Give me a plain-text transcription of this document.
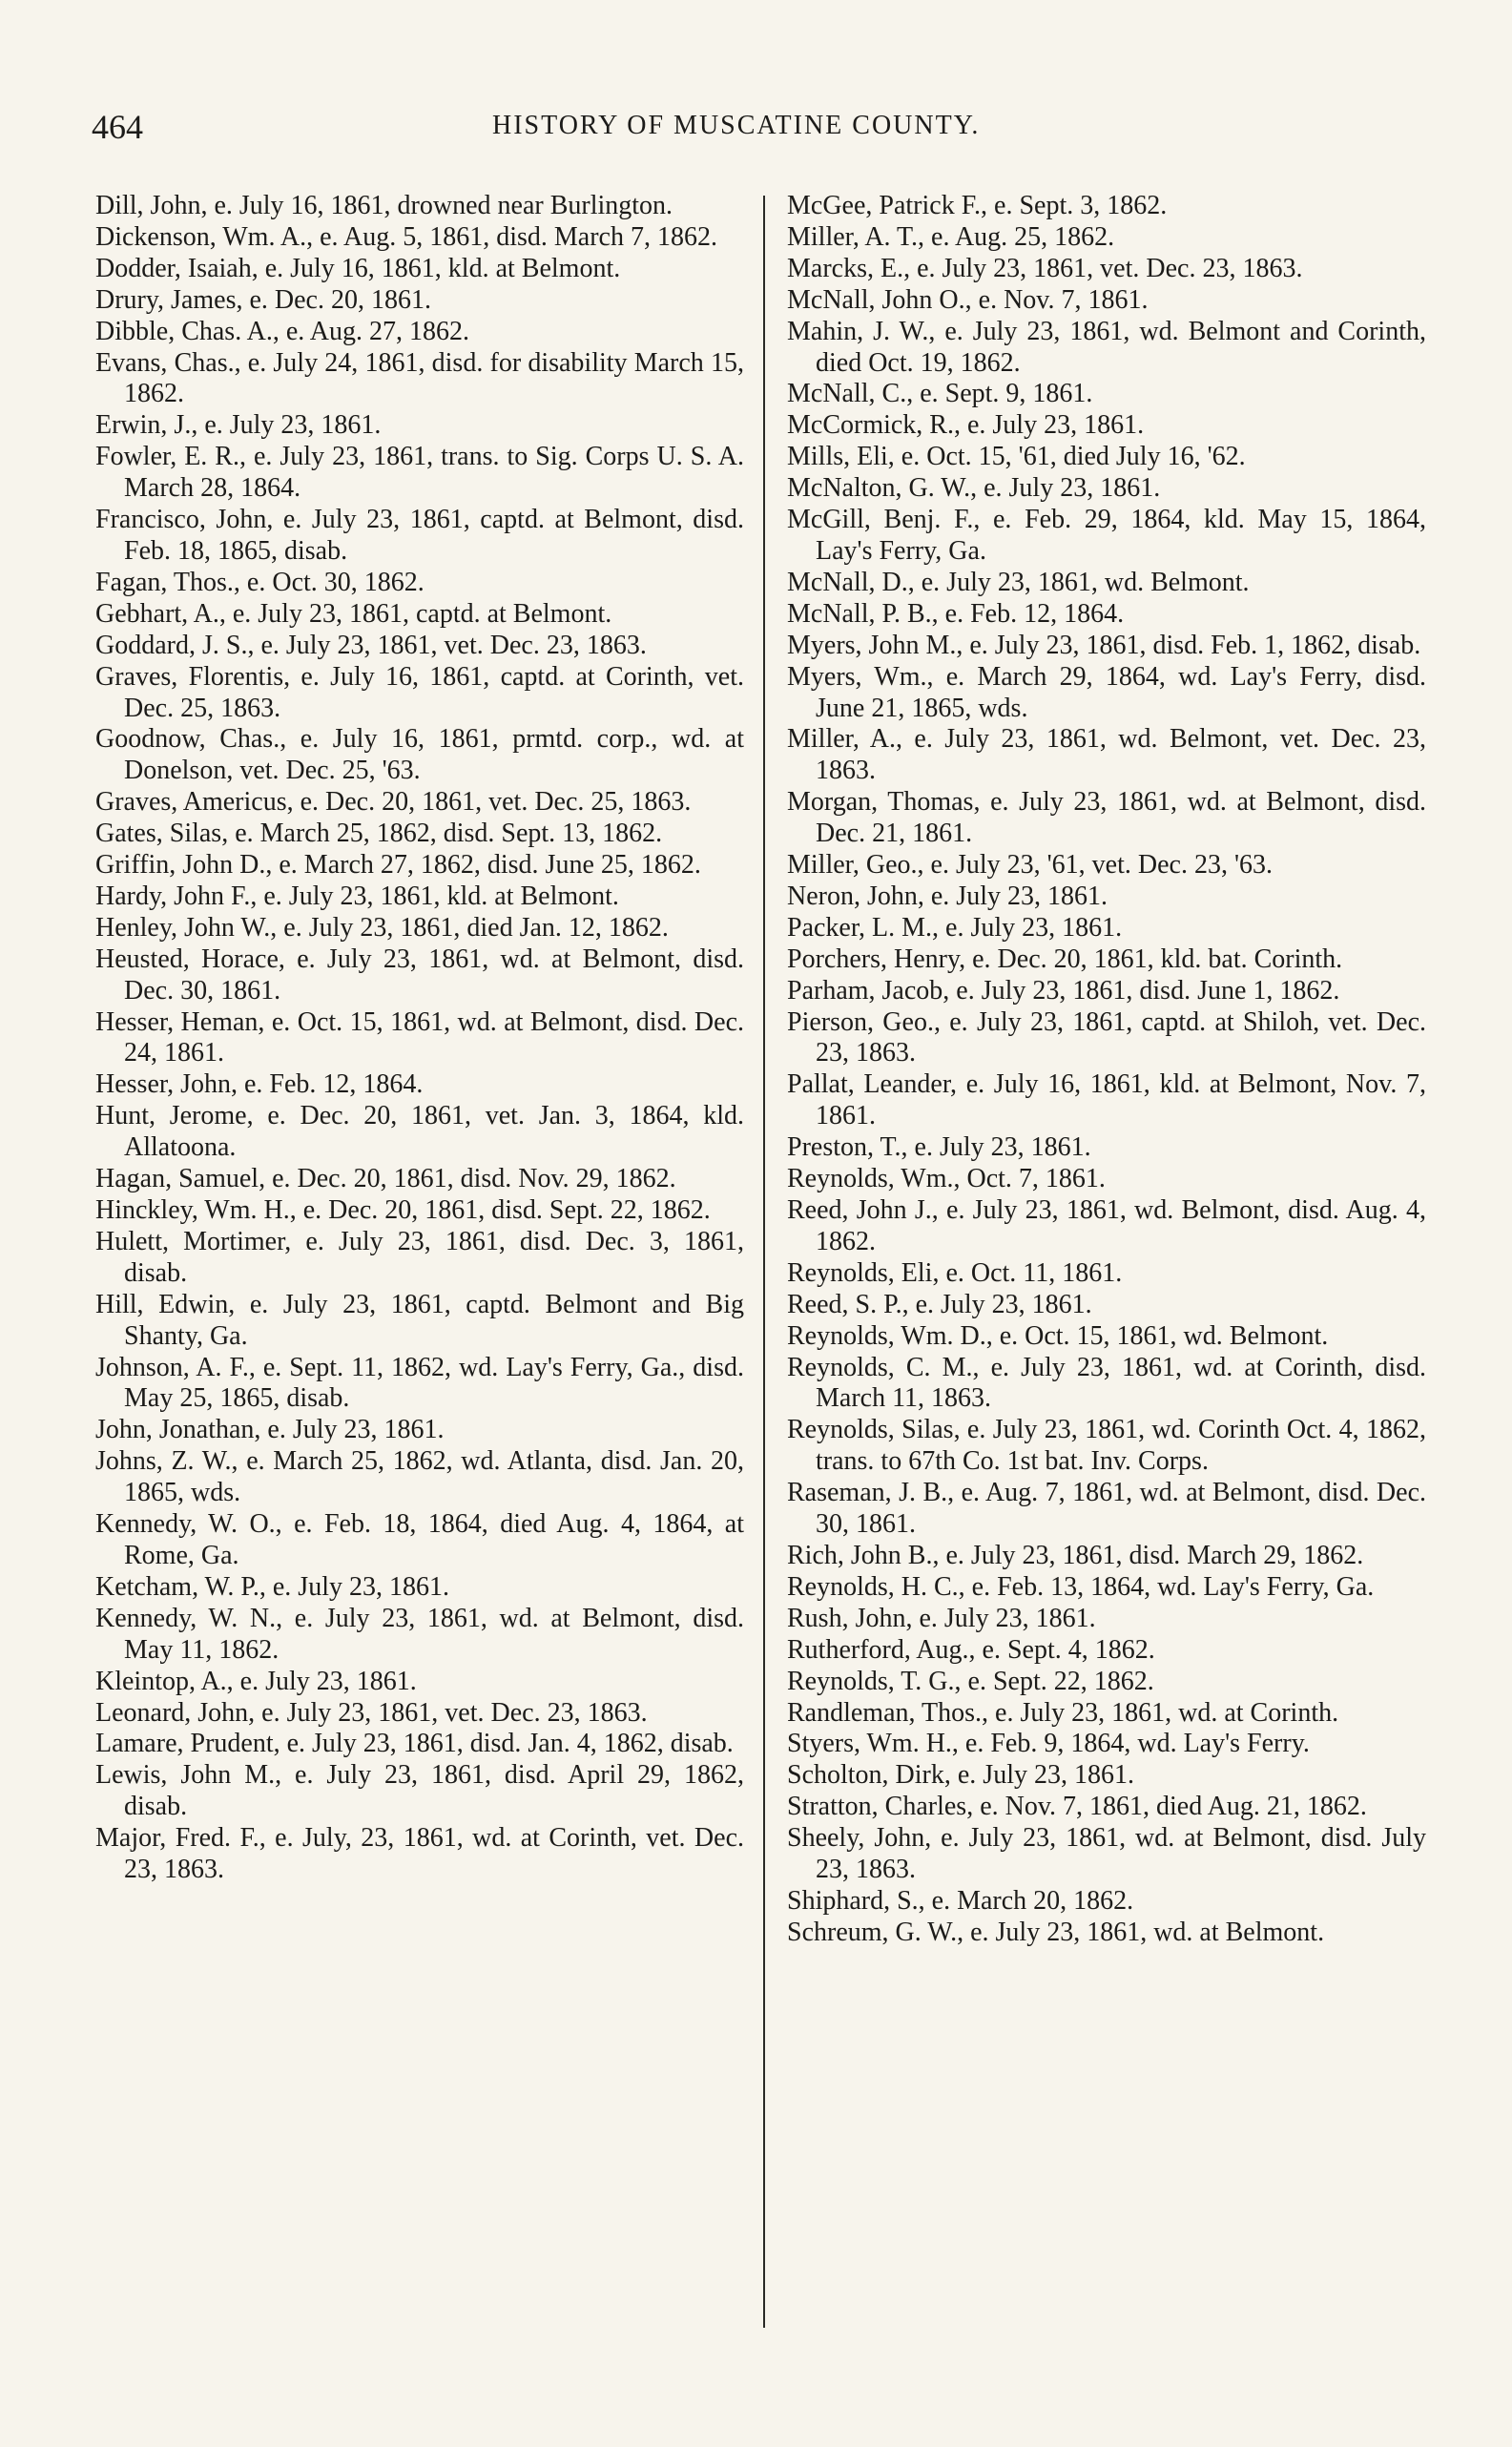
464	HISTORY OF MUSCATINE COUNTY.

Dill, John, e. July 16, 1861, drowned near Burlington.

Dickenson, Wm. A., e. Aug. 5, 1861, disd. March 7, 1862.

Dodder, Isaiah, e. July 16, 1861, kld. at Belmont.

Drury, James, e. Dec. 20, 1861.

Dibble, Chas. A., e. Aug. 27, 1862.

Evans, Chas., e. July 24, 1861, disd. for disability March 15, 1862.

Erwin, J., e. July 23, 1861.

Fowler, E. R., e. July 23, 1861, trans. to Sig. Corps U. S. A. March 28, 1864.

Francisco, John, e. July 23, 1861, captd. at Belmont, disd. Feb. 18, 1865, disab.

Fagan, Thos., e. Oct. 30, 1862.

Gebhart, A., e. July 23, 1861, captd. at Belmont.

Goddard, J. S., e. July 23, 1861, vet. Dec. 23, 1863.

Graves, Florentis, e. July 16, 1861, captd. at Corinth, vet. Dec. 25, 1863.

Goodnow, Chas., e. July 16, 1861, prmtd. corp., wd. at Donelson, vet. Dec. 25, '63.

Graves, Americus, e. Dec. 20, 1861, vet. Dec. 25, 1863.

Gates, Silas, e. March 25, 1862, disd. Sept. 13, 1862.

Griffin, John D., e. March 27, 1862, disd. June 25, 1862.

Hardy, John F., e. July 23, 1861, kld. at Belmont.

Henley, John W., e. July 23, 1861, died Jan. 12, 1862.

Heusted, Horace, e. July 23, 1861, wd. at Belmont, disd. Dec. 30, 1861.

Hesser, Heman, e. Oct. 15, 1861, wd. at Belmont, disd. Dec. 24, 1861.

Hesser, John, e. Feb. 12, 1864.

Hunt, Jerome, e. Dec. 20, 1861, vet. Jan. 3, 1864, kld. Allatoona.

Hagan, Samuel, e. Dec. 20, 1861, disd. Nov. 29, 1862.

Hinckley, Wm. H., e. Dec. 20, 1861, disd. Sept. 22, 1862.

Hulett, Mortimer, e. July 23, 1861, disd. Dec. 3, 1861, disab.

Hill, Edwin, e. July 23, 1861, captd. Belmont and Big Shanty, Ga.

Johnson, A. F., e. Sept. 11, 1862, wd. Lay's Ferry, Ga., disd. May 25, 1865, disab.

John, Jonathan, e. July 23, 1861.

Johns, Z. W., e. March 25, 1862, wd. Atlanta, disd. Jan. 20, 1865, wds.

Kennedy, W. O., e. Feb. 18, 1864, died Aug. 4, 1864, at Rome, Ga.

Ketcham, W. P., e. July 23, 1861.

Kennedy, W. N., e. July 23, 1861, wd. at Belmont, disd. May 11, 1862.

Kleintop, A., e. July 23, 1861.

Leonard, John, e. July 23, 1861, vet. Dec. 23, 1863.

Lamare, Prudent, e. July 23, 1861, disd. Jan. 4, 1862, disab.

Lewis, John M., e. July 23, 1861, disd. April 29, 1862, disab.

Major, Fred. F., e. July, 23, 1861, wd. at Corinth, vet. Dec. 23, 1863.

McGee, Patrick F., e. Sept. 3, 1862.

Miller, A. T., e. Aug. 25, 1862.

Marcks, E., e. July 23, 1861, vet. Dec. 23, 1863.

McNall, John O., e. Nov. 7, 1861.

Mahin, J. W., e. July 23, 1861, wd. Belmont and Corinth, died Oct. 19, 1862.

McNall, C., e. Sept. 9, 1861.

McCormick, R., e. July 23, 1861.

Mills, Eli, e. Oct. 15, '61, died July 16, '62.

McNalton, G. W., e. July 23, 1861.

McGill, Benj. F., e. Feb. 29, 1864, kld. May 15, 1864, Lay's Ferry, Ga.

McNall, D., e. July 23, 1861, wd. Belmont.

McNall, P. B., e. Feb. 12, 1864.

Myers, John M., e. July 23, 1861, disd. Feb. 1, 1862, disab.

Myers, Wm., e. March 29, 1864, wd. Lay's Ferry, disd. June 21, 1865, wds.

Miller, A., e. July 23, 1861, wd. Belmont, vet. Dec. 23, 1863.

Morgan, Thomas, e. July 23, 1861, wd. at Belmont, disd. Dec. 21, 1861.

Miller, Geo., e. July 23, '61, vet. Dec. 23, '63.

Neron, John, e. July 23, 1861.

Packer, L. M., e. July 23, 1861.

Porchers, Henry, e. Dec. 20, 1861, kld. bat. Corinth.

Parham, Jacob, e. July 23, 1861, disd. June 1, 1862.

Pierson, Geo., e. July 23, 1861, captd. at Shiloh, vet. Dec. 23, 1863.

Pallat, Leander, e. July 16, 1861, kld. at Belmont, Nov. 7, 1861.

Preston, T., e. July 23, 1861.

Reynolds, Wm., Oct. 7, 1861.

Reed, John J., e. July 23, 1861, wd. Belmont, disd. Aug. 4, 1862.

Reynolds, Eli, e. Oct. 11, 1861.

Reed, S. P., e. July 23, 1861.

Reynolds, Wm. D., e. Oct. 15, 1861, wd. Belmont.

Reynolds, C. M., e. July 23, 1861, wd. at Corinth, disd. March 11, 1863.

Reynolds, Silas, e. July 23, 1861, wd. Corinth Oct. 4, 1862, trans. to 67th Co. 1st bat. Inv. Corps.

Raseman, J. B., e. Aug. 7, 1861, wd. at Belmont, disd. Dec. 30, 1861.

Rich, John B., e. July 23, 1861, disd. March 29, 1862.

Reynolds, H. C., e. Feb. 13, 1864, wd. Lay's Ferry, Ga.

Rush, John, e. July 23, 1861.

Rutherford, Aug., e. Sept. 4, 1862.

Reynolds, T. G., e. Sept. 22, 1862.

Randleman, Thos., e. July 23, 1861, wd. at Corinth.

Styers, Wm. H., e. Feb. 9, 1864, wd. Lay's Ferry.

Scholton, Dirk, e. July 23, 1861.

Stratton, Charles, e. Nov. 7, 1861, died Aug. 21, 1862.

Sheely, John, e. July 23, 1861, wd. at Belmont, disd. July 23, 1863.

Shiphard, S., e. March 20, 1862.

Schreum, G. W., e. July 23, 1861, wd. at Belmont.
